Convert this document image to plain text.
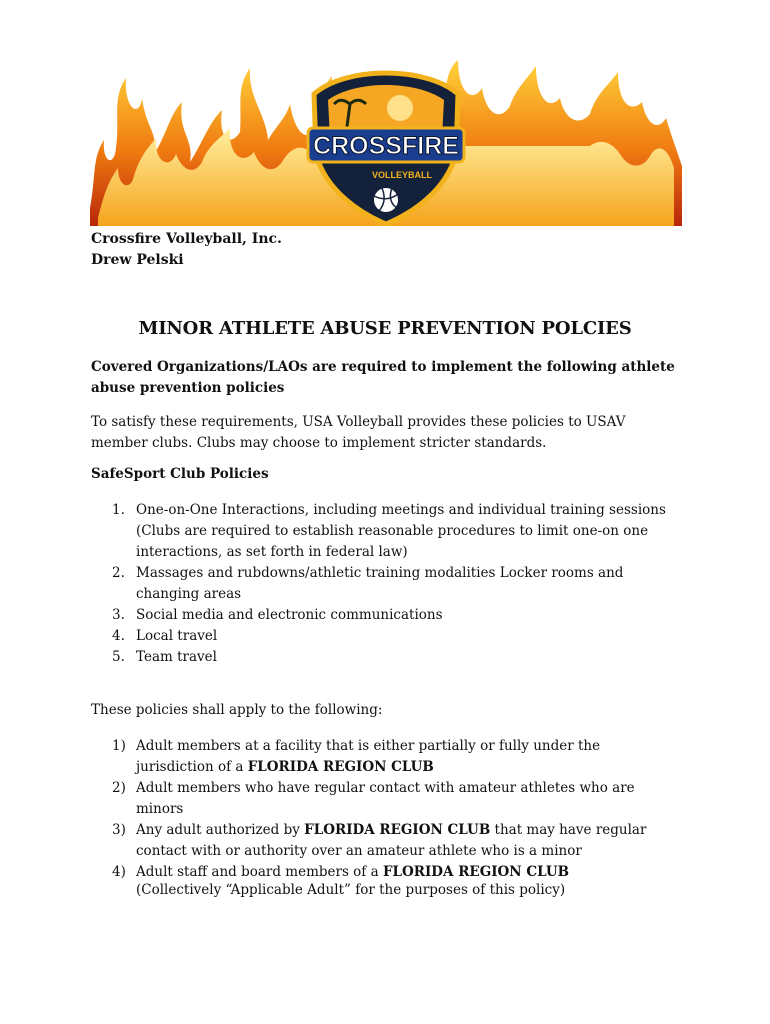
CROSSFIRE
VOLLEYBALL
Crossfire Volleyball, Inc.
Drew Pelski
MINOR ATHLETE ABUSE PREVENTION POLCIES
Covered Organizations/LAOs are required to implement the following athlete abuse prevention policies
To satisfy these requirements, USA Volleyball provides these policies to USAV member clubs. Clubs may choose to implement stricter standards.
SafeSport Club Policies
1. One-on-One Interactions, including meetings and individual training sessions (Clubs are required to establish reasonable procedures to limit one-on one interactions, as set forth in federal law)
2. Massages and rubdowns/athletic training modalities Locker rooms and changing areas
3. Social media and electronic communications
4. Local travel
5. Team travel
These policies shall apply to the following:
1) Adult members at a facility that is either partially or fully under the jurisdiction of a FLORIDA REGION CLUB
2) Adult members who have regular contact with amateur athletes who are minors
3) Any adult authorized by FLORIDA REGION CLUB that may have regular contact with or authority over an amateur athlete who is a minor
4) Adult staff and board members of a FLORIDA REGION CLUB
(Collectively “Applicable Adult” for the purposes of this policy)
